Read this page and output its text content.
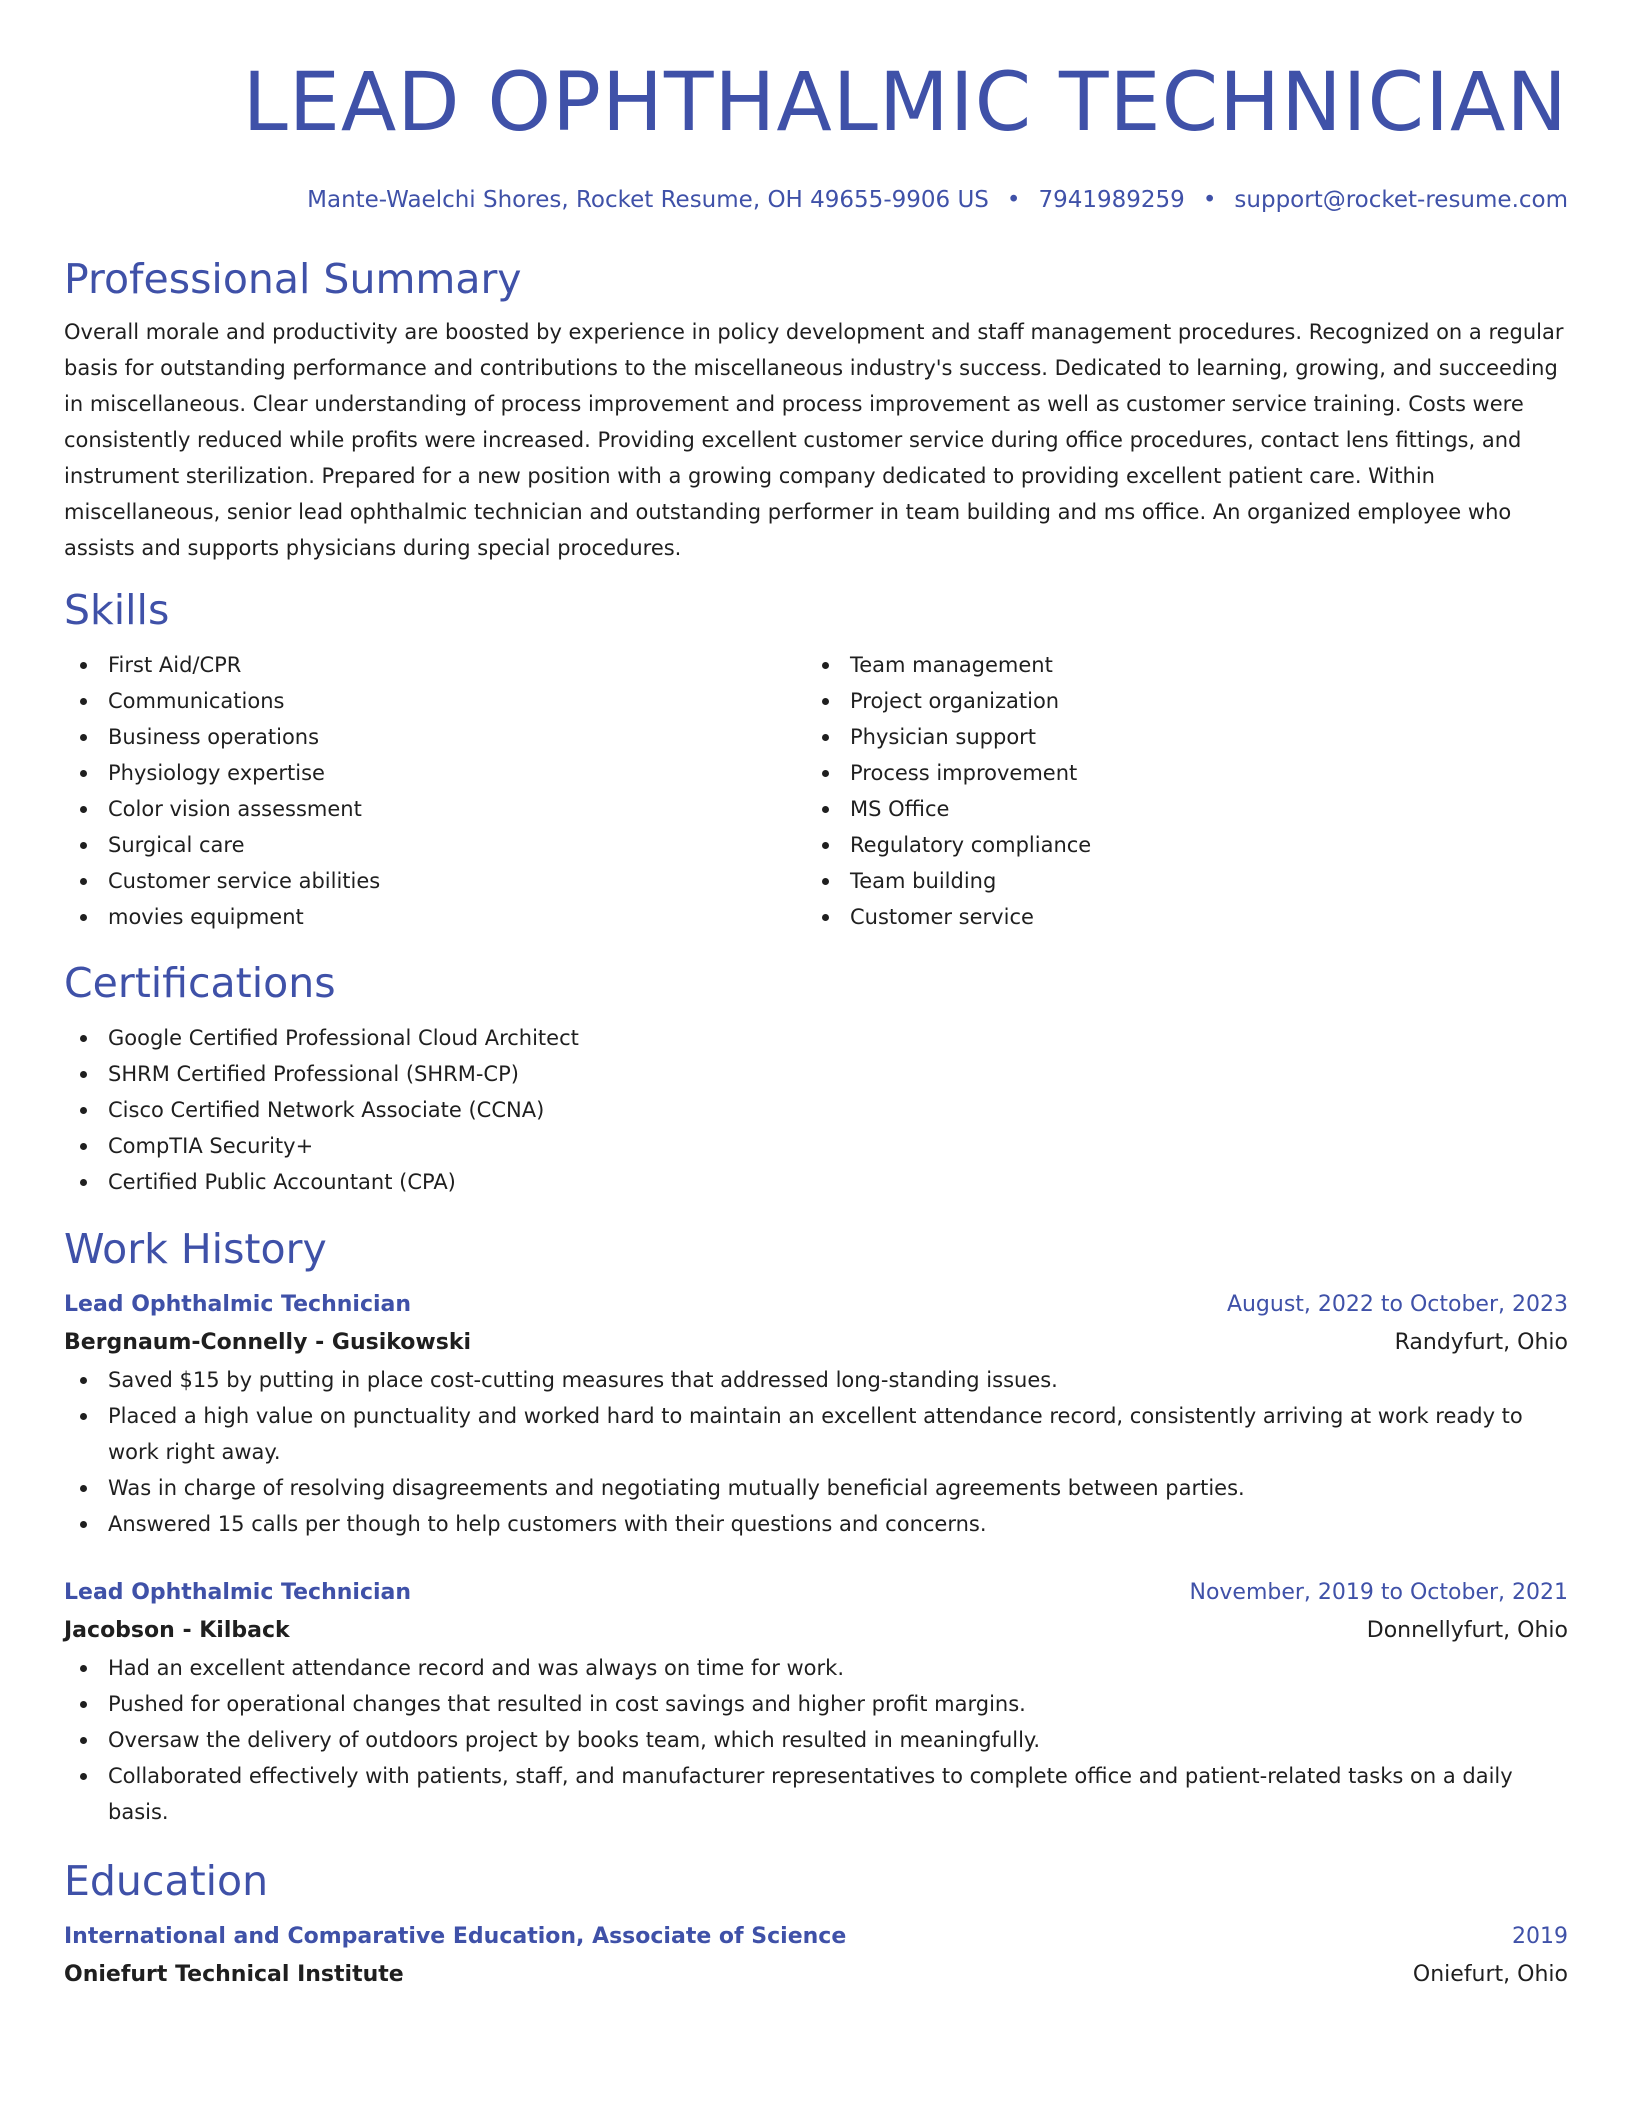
LEAD OPHTHALMIC TECHNICIAN
Mante-Waelchi Shores, Rocket Resume, OH 49655-9906 US • 7941989259 • support@rocket-resume.com
Professional Summary

Overall morale and productivity are boosted by experience in policy development and staff management procedures. Recognized on a regular basis for outstanding performance and contributions to the miscellaneous industry's success. Dedicated to learning, growing, and succeeding in miscellaneous. Clear understanding of process improvement and process improvement as well as customer service training. Costs were consistently reduced while profits were increased. Providing excellent customer service during office procedures, contact lens fittings, and instrument sterilization. Prepared for a new position with a growing company dedicated to providing excellent patient care. Within miscellaneous, senior lead ophthalmic technician and outstanding performer in team building and ms office. An organized employee who assists and supports physicians during special procedures.

Skills
First Aid/CPR
Communications
Business operations
Physiology expertise
Color vision assessment
Surgical care
Customer service abilities
movies equipment
Team management
Project organization
Physician support
Process improvement
MS Office
Regulatory compliance
Team building
Customer service
Certifications
Google Certified Professional Cloud Architect
SHRM Certified Professional (SHRM-CP)
Cisco Certified Network Associate (CCNA)
CompTIA Security+
Certified Public Accountant (CPA)
Work History
Lead Ophthalmic Technician	August, 2022 to October, 2023
Bergnaum-Connelly - Gusikowski	Randyfurt, Ohio
Saved $15 by putting in place cost-cutting measures that addressed long-standing issues.
Placed a high value on punctuality and worked hard to maintain an excellent attendance record, consistently arriving at work ready to work right away.
Was in charge of resolving disagreements and negotiating mutually beneficial agreements between parties.
Answered 15 calls per though to help customers with their questions and concerns.
Lead Ophthalmic Technician	November, 2019 to October, 2021
Jacobson - Kilback	Donnellyfurt, Ohio
Had an excellent attendance record and was always on time for work.
Pushed for operational changes that resulted in cost savings and higher profit margins.
Oversaw the delivery of outdoors project by books team, which resulted in meaningfully.
Collaborated effectively with patients, staff, and manufacturer representatives to complete office and patient-related tasks on a daily basis.
Education
International and Comparative Education, Associate of Science	2019
Oniefurt Technical Institute	Oniefurt, Ohio
